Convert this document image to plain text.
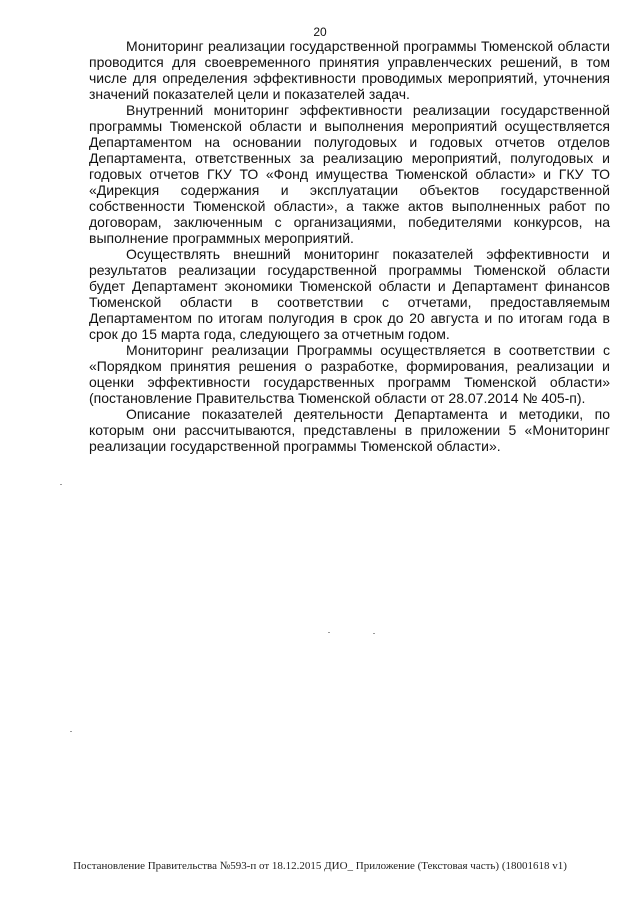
20

Мониторинг реализации государственной программы Тюменской области проводится для своевременного принятия управленческих решений, в том числе для определения эффективности проводимых мероприятий, уточнения значений показателей цели и показателей задач.

Внутренний мониторинг эффективности реализации государственной программы Тюменской области и выполнения мероприятий осуществляется Департаментом на основании полугодовых и годовых отчетов отделов Департамента, ответственных за реализацию мероприятий, полугодовых и годовых отчетов ГКУ ТО «Фонд имущества Тюменской области» и ГКУ ТО «Дирекция содержания и эксплуатации объектов государственной собственности Тюменской области», а также актов выполненных работ по договорам, заключенным с организациями, победителями конкурсов, на выполнение программных мероприятий.

Осуществлять внешний мониторинг показателей эффективности и результатов реализации государственной программы Тюменской области будет Департамент экономики Тюменской области и Департамент финансов Тюменской области в соответствии с отчетами, предоставляемым Департаментом по итогам полугодия в срок до 20 августа и по итогам года в срок до 15 марта года, следующего за отчетным годом.

Мониторинг реализации Программы осуществляется в соответствии с «Порядком принятия решения о разработке, формирования, реализации и оценки эффективности государственных программ Тюменской области» (постановление Правительства Тюменской области от 28.07.2014 № 405-п).

Описание показателей деятельности Департамента и методики, по которым они рассчитываются, представлены в приложении 5 «Мониторинг реализации государственной программы Тюменской области».

Постановление Правительства №593-п от 18.12.2015 ДИО_ Приложение (Текстовая часть) (18001618 v1)
